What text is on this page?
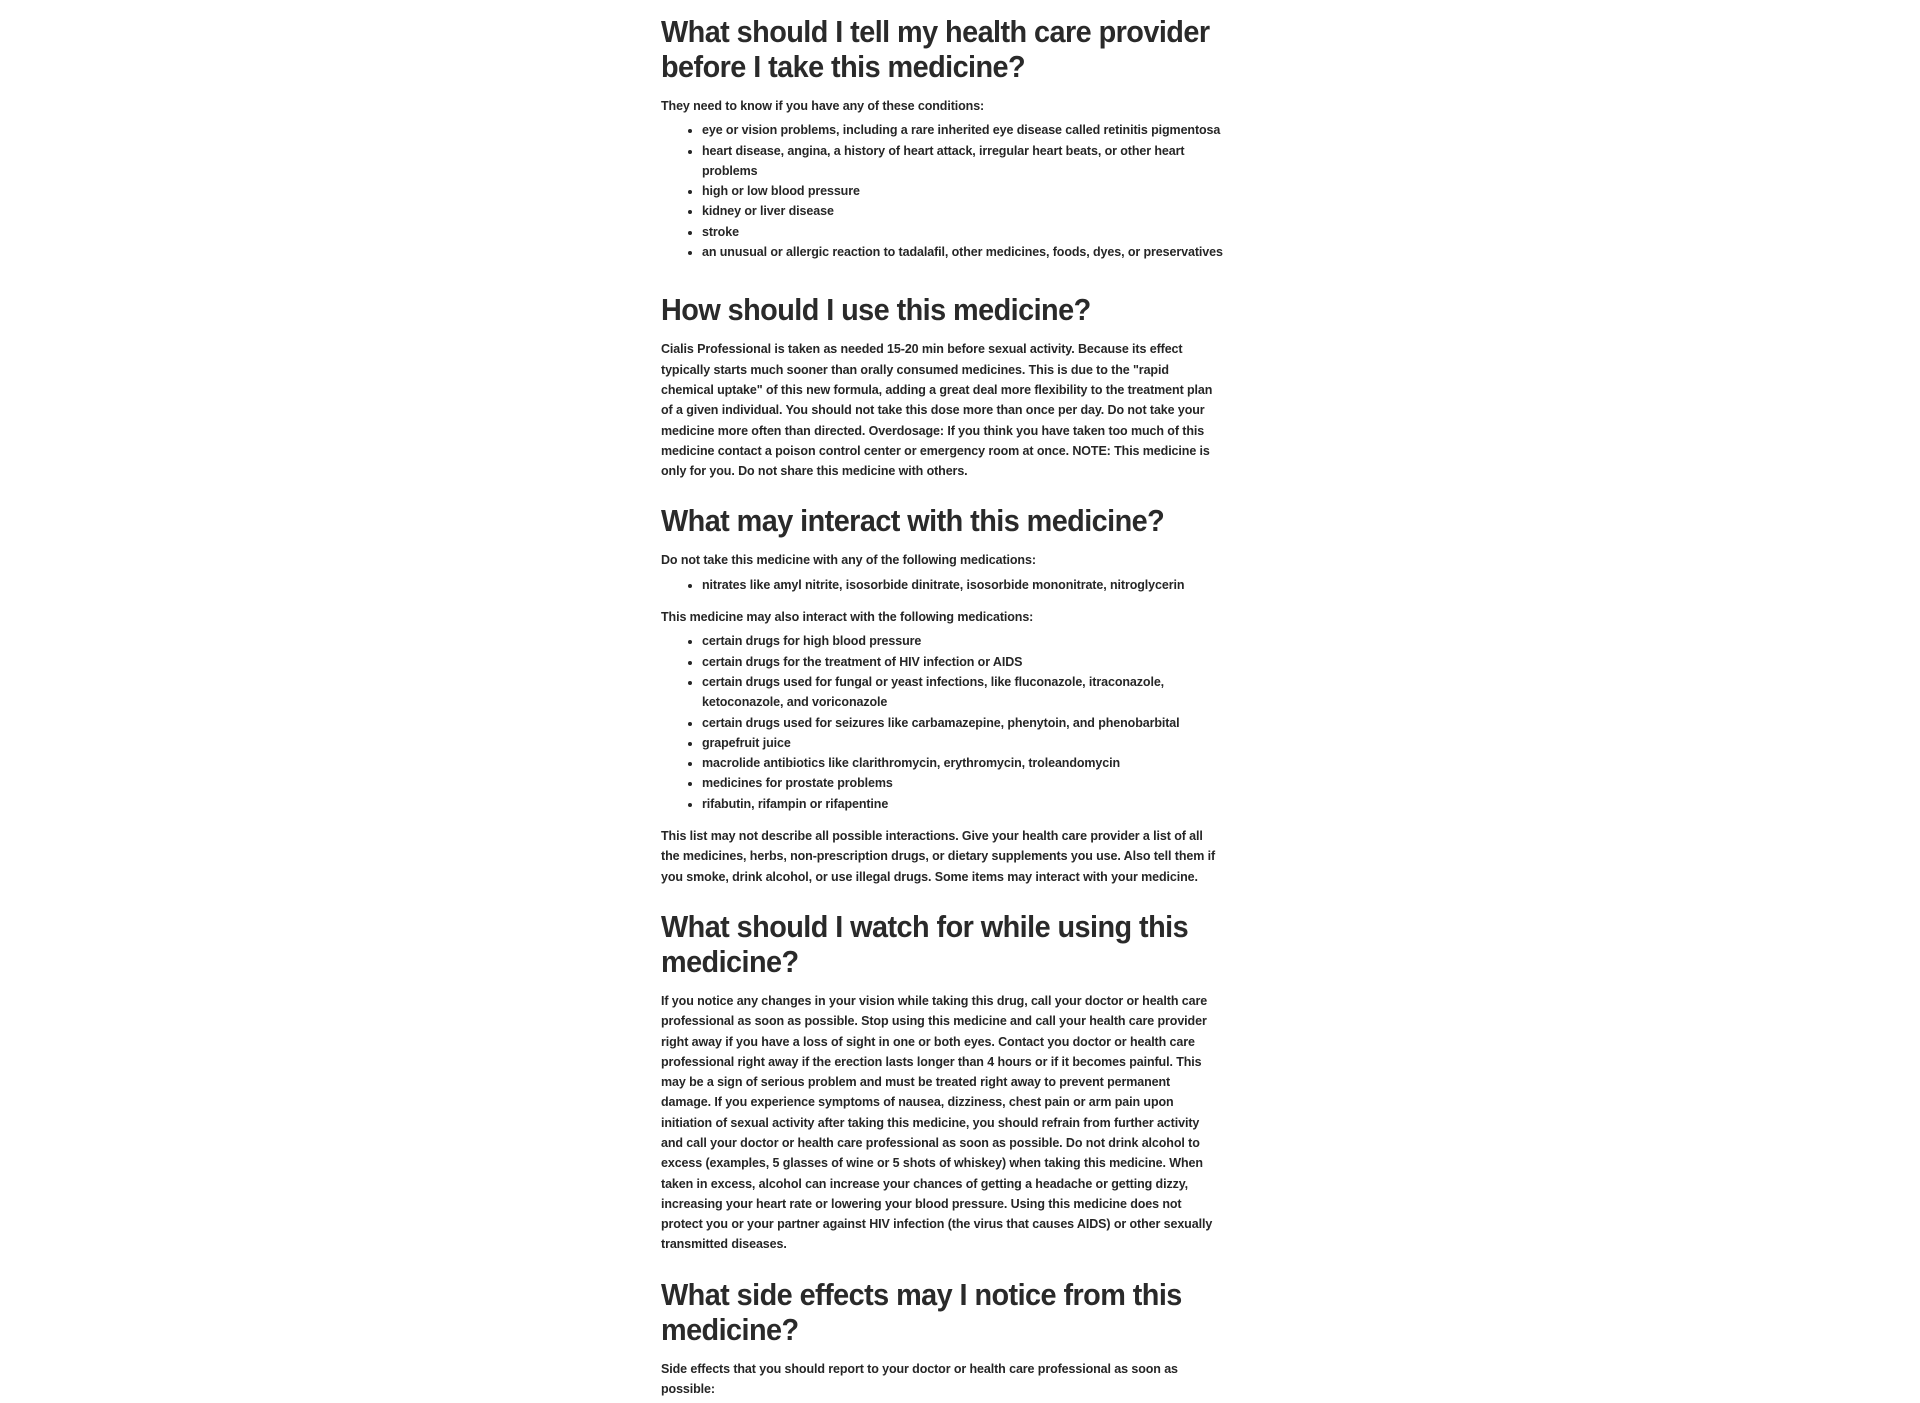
What should I tell my health care provider before I take this medicine?

They need to know if you have any of these conditions:

• eye or vision problems, including a rare inherited eye disease called retinitis pigmentosa
• heart disease, angina, a history of heart attack, irregular heart beats, or other heart problems
• high or low blood pressure
• kidney or liver disease
• stroke
• an unusual or allergic reaction to tadalafil, other medicines, foods, dyes, or preservatives
How should I use this medicine?

Cialis Professional is taken as needed 15-20 min before sexual activity. Because its effect typically starts much sooner than orally consumed medicines. This is due to the "rapid chemical uptake" of this new formula, adding a great deal more flexibility to the treatment plan of a given individual. You should not take this dose more than once per day. Do not take your medicine more often than directed. Overdosage: If you think you have taken too much of this medicine contact a poison control center or emergency room at once. NOTE: This medicine is only for you. Do not share this medicine with others.

What may interact with this medicine?

Do not take this medicine with any of the following medications:

• nitrates like amyl nitrite, isosorbide dinitrate, isosorbide mononitrate, nitroglycerin

This medicine may also interact with the following medications:

• certain drugs for high blood pressure
• certain drugs for the treatment of HIV infection or AIDS
• certain drugs used for fungal or yeast infections, like fluconazole, itraconazole, ketoconazole, and voriconazole
• certain drugs used for seizures like carbamazepine, phenytoin, and phenobarbital
• grapefruit juice
• macrolide antibiotics like clarithromycin, erythromycin, troleandomycin
• medicines for prostate problems
• rifabutin, rifampin or rifapentine

This list may not describe all possible interactions. Give your health care provider a list of all the medicines, herbs, non-prescription drugs, or dietary supplements you use. Also tell them if you smoke, drink alcohol, or use illegal drugs. Some items may interact with your medicine.

What should I watch for while using this medicine?

If you notice any changes in your vision while taking this drug, call your doctor or health care professional as soon as possible. Stop using this medicine and call your health care provider right away if you have a loss of sight in one or both eyes. Contact you doctor or health care professional right away if the erection lasts longer than 4 hours or if it becomes painful. This may be a sign of serious problem and must be treated right away to prevent permanent damage. If you experience symptoms of nausea, dizziness, chest pain or arm pain upon initiation of sexual activity after taking this medicine, you should refrain from further activity and call your doctor or health care professional as soon as possible. Do not drink alcohol to excess (examples, 5 glasses of wine or 5 shots of whiskey) when taking this medicine. When taken in excess, alcohol can increase your chances of getting a headache or getting dizzy, increasing your heart rate or lowering your blood pressure. Using this medicine does not protect you or your partner against HIV infection (the virus that causes AIDS) or other sexually transmitted diseases.

What side effects may I notice from this medicine?

Side effects that you should report to your doctor or health care professional as soon as possible:
